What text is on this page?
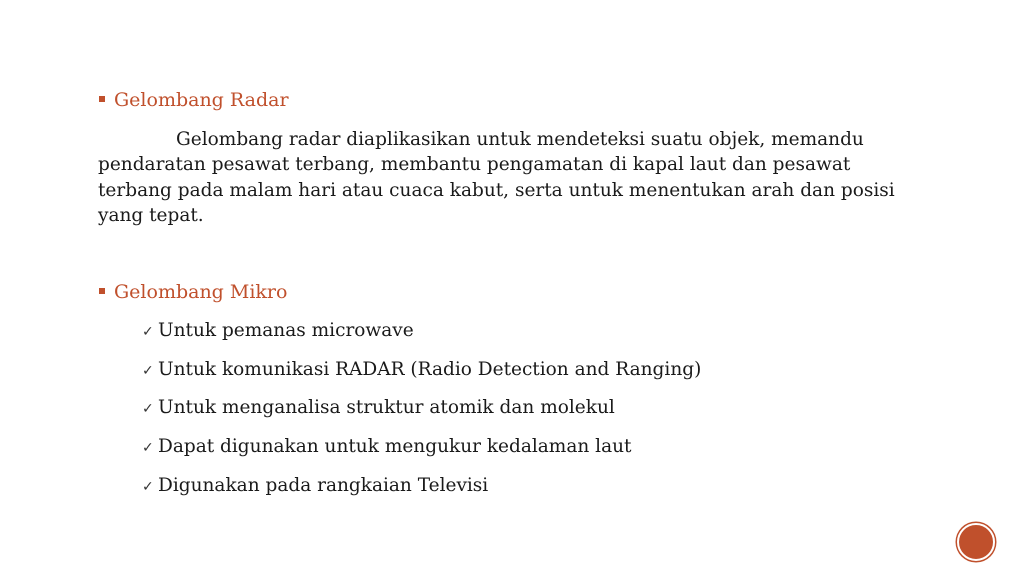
Gelombang Radar
Gelombang radar diaplikasikan untuk mendeteksi suatu objek, memandu pendaratan pesawat terbang, membantu pengamatan di kapal laut dan pesawat terbang pada malam hari atau cuaca kabut, serta untuk menentukan arah dan posisi yang tepat.
Gelombang Mikro
✓ Untuk pemanas microwave
✓ Untuk komunikasi RADAR (Radio Detection and Ranging)
✓ Untuk menganalisa struktur atomik dan molekul
✓ Dapat digunakan untuk mengukur kedalaman laut
✓ Digunakan pada rangkaian Televisi
